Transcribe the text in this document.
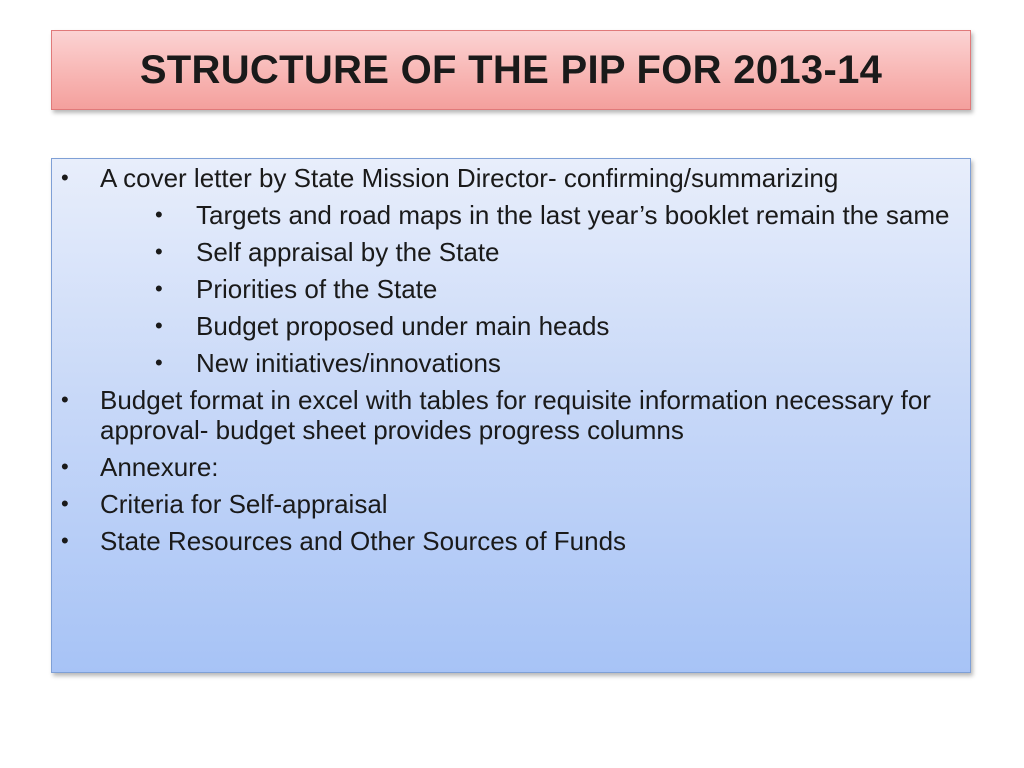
STRUCTURE OF THE PIP FOR 2013-14
• A cover letter by State Mission Director- confirming/summarizing
• Targets and road maps in the last year’s booklet remain the same
• Self appraisal by the State
• Priorities of the State
• Budget proposed under main heads
• New initiatives/innovations
• Budget format in excel with tables for requisite information necessary for approval- budget sheet provides progress columns
• Annexure:
• Criteria for Self-appraisal
• State Resources and Other Sources of Funds
